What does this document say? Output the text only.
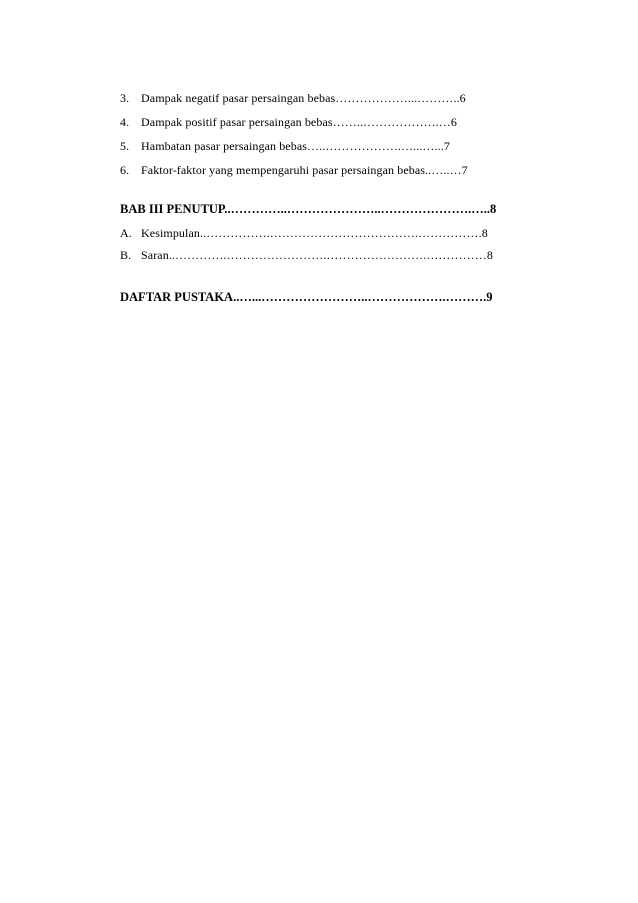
3. Dampak negatif pasar persaingan bebas………………...………..6
4. Dampak positif pasar persaingan bebas……..……………….…6
5. Hambatan pasar persaingan bebas…..……………….…...…...7
6. Faktor-faktor yang mempengaruhi pasar persaingan bebas..…..…7
BAB III PENUTUP..…………..…………………..………………….…..8
A. Kesimpulan..…………….……………………………….…………….8
B. Saran..………….…………………….…………………….……………8
DAFTAR PUSTAKA..…...……………………..……………….……….9
